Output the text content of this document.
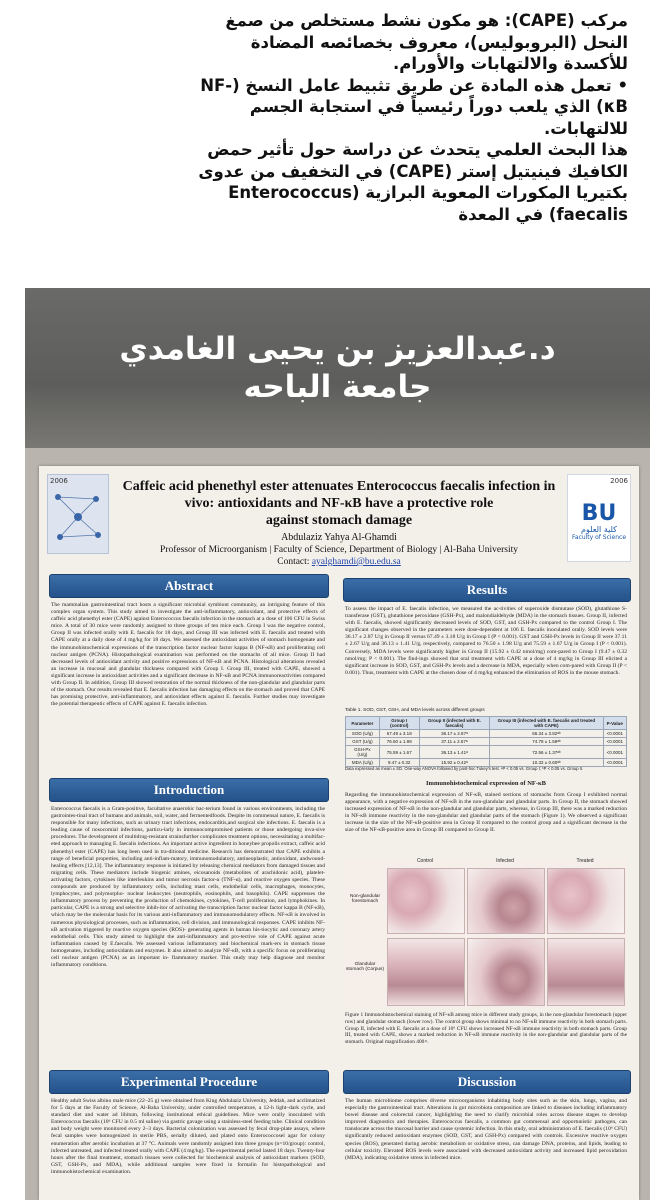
مركب (CAPE): هو مكون نشط مستخلص من صمغ

النحل (البروبوليس)، معروف بخصائصه المضادة

للأكسدة والالتهابات والأورام.

• تعمل هذه المادة عن طريق تثبيط عامل النسخ (-NF

κB) الذي يلعب دوراً رئيسياً في استجابة الجسم

للالتهابات.

هذا البحث العلمي يتحدث عن دراسة حول تأثير حمض

الكافيك فينيتيل إستر (CAPE) في التخفيف من عدوى

بكتيريا المكورات المعوية البرازية (Enterococcus

faecalis) في المعدة

د.عبدالعزيز بن يحيى الغامدي
جامعة الباحه
2006	Caffeic acid phenethyl ester attenuates Enterococcus faecalis infection in
vivo: antioxidants and NF-κB have a protective role
against stomach damage
Abdulaziz Yahya Al-Ghamdi
Professor of Microorganism | Faculty of Science, Department of Biology | Al-Baha University
Contact: ayalghamdi@bu.edu.sa
2006
BU
كلية العلوم
Faculty of Science
Abstract
The mammalian gastrointestinal tract hosts a significant microbial symbiont community, an intriguing feature of this complex organ system. This study aimed to investigate the anti-inflammatory, antioxidant, and protective effects of caffeic acid phenethyl ester (CAPE) against Enterococcus faecalis infection in the stomach at a dose of 106 CFU in Swiss mice. A total of 30 mice were randomly assigned to three groups of ten mice each. Group I was the negative control, Group II was infected orally with E. faecalis for 18 days, and Group III was infected with E. faecalis and treated with CAPE orally at a daily dose of 4 mg/kg for 18 days. We assessed the antioxidant activities of stomach homogenate and the immunohistochemical expressions of the transcription factor nuclear factor kappa B (NF-κB) and proliferating cell nuclear antigen (PCNA). Histopathological examination was performed on the stomachs of all mice. Group II had decreased levels of antioxidant activity and positive expressions of NF-κB and PCNA. Histological alterations revealed an increase in mucosal and glandular thickness compared with Group I. Group III, treated with CAPE, showed a significant increase in antioxidant activities and a significant decrease in NF-κB and PCNA immunoreactivities compared with Group II. In addition, Group III showed restoration of the normal thickness of the non-glandular and glandular parts of the stomach. Our results revealed that E. faecalis infection has damaging effects on the stomach and proved that CAPE has promising protective, anti-inflammatory, and antioxidant effects against E. faecalis. Further studies may investigate the potential therapeutic effects of CAPE against E. faecalis infection.
Introduction
Enterococcus faecalis is a Gram-positive, facultative anaerobic bac-terium found in various environments, including the gastrointes-tinal tract of humans and animals, soil, water, and fermentedfoods. Despite its commensal nature, E. faecalis is responsible for many infections, such as urinary tract infections, endocarditis,and surgical site infections. E. faecalis is a leading cause of nosocomial infections, particu-larly in immunocompromised patients or those undergoing inva-sive procedures. The development of multidrug-resistant strainsfurther complicates treatment options, necessitating a multifac-eted approach to managing E. faecalis infections. An important active ingredient in honeybee propolis extract, caffeic acid phenethyl ester (CAPE) has long been used in tra-ditional medicine. Research has demonstrated that CAPE exhibits a range of beneficial properties, including anti-inflam-matory, immunomodulatory, antineoplastic, antioxidant, andwound-healing effects [12,13]. The inflammatory response is initiated by releasing chemical mediators from damaged tissues and migrating cells. These mediators include biogenic amines, eicosanoids (metabolites of arachidonic acid), platelet-activating factors, cytokines like interleukins and tumor necrosis factor-α (TNF-α), and reactive oxygen species. These compounds are produced by inflammatory cells, including mast cells, endothelial cells, macrophages, monocytes, lymphocytes, and polymorpho- nuclear leukocytes (neutrophils, eosinophils, and basophils). CAPE suppresses the inflammatory process by preventing the production of chemokines, cytokines, T-cell proliferation, and lymphokines. In particular, CAPE is a strong and selective inhib-itor of activating the transcription factor nuclear factor kappa B (NF-κB), which may be the molecular basis for its various anti-inflammatory and immunomodulatory effects. NF-κB is involved in numerous physiological processes, such as inflammation, cell division, and immunological responses. CAPE inhibits NF-κB activation triggered by reactive oxygen species (ROS)- generating agents in human his-tiocytic and coronary artery endothelial cells. This study aimed to highlight the anti-inflammatory and pro-tective role of CAPE against acute inflammation caused by E.faecalis. We assessed various inflammatory and biochemical mark-ers in stomach tissue homogenates, including antioxidants and enzymes. It also aimed to analyze NF-κB, with a specific focus on proliferating cell nuclear antigen (PCNA) as an important in- flammatory marker. This study may help diagnose and monitor inflammatory conditions.
Experimental Procedure
Healthy adult Swiss albino male mice (22–25 g) were obtained from King Abdulaziz University, Jeddah, and acclimatized for 5 days at the Faculty of Science, Al-Baha University, under controlled temperature, a 12-h light–dark cycle, and standard diet and water ad libitum, following institutional ethical guidelines. Mice were orally inoculated with Enterococcus faecalis (10⁶ CFU in 0.5 ml saline) via gastric gavage using a stainless-steel feeding tube. Clinical condition and body weight were monitored every 2–3 days. Bacterial colonization was assessed by fecal drop-plate assays, where fecal samples were homogenized in sterile PBS, serially diluted, and plated onto Enterococcosel agar for colony enumeration after aerobic incubation at 37 °C. Animals were randomly assigned into three groups (n=10/group): control, infected untreated, and infected treated orally with CAPE (4 mg/kg). The experimental period lasted 18 days. Twenty-four hours after the final treatment, stomach tissues were collected for biochemical analysis of antioxidant markers (SOD, GST, GSH-Px, and MDA), while additional samples were fixed in formalin for histopathological and immunohistochemical examination.
Results
To assess the impact of E. faecalis infection, we measured the ac-tivities of superoxide dismutase (SOD), glutathione S-transferase (GST), glutathione peroxidase (GSH-Px), and malondialdehyde (MDA) in the stomach tissues. Group II, infected with E. faecalis, showed significantly decreased levels of SOD, GST, and GSH-Px compared to the control Group I. The significant changes observed in the parameters were dose-dependent at 106 E. faecalis inoculated orally. SOD levels were 36.17 ± 2.87 U/g in Group II versus 67.49 ± 3.18 U/g in Group I (P < 0.001). GST and GSH-Px levels in Group II were 37.11 ± 2.67 U/g and 36.13 ± 1.41 U/g, respectively, compared to 76.50 ± 1.98 U/g and 75.59 ± 1.67 U/g in Group I (P < 0.001). Conversely, MDA levels were significantly higher in Group II (15.92 ± 0.42 nmol/mg) com-pared to Group I (9.47 ± 0.32 nmol/mg; P < 0.001). The find-ings showed that oral treatment with CAPE at a dose of 4 mg/kg in Group III elicited a significant increase in SOD, GST, and GSH-Px levels and a decrease in MDA, especially when com-pared with Group II (P < 0.001). Thus, treatment with CAPE at the chosen dose of 4 mg/kg enhanced the elimination of ROS in the mouse stomach.
Table 1. SOD, GST, GSH, and MDA levels across different groups
Parameter	Group I (control)	Group II (infected with E. faecalis)	Group III (infected with E. faecalis and treated with CAPE)	P-Value
SOD (U/g)	67.49 ± 3.18	36.17 ± 2.87ᵃ	66.34 ± 3.82ᵃᵇ	<0.0001
GST (U/g)	76.50 ± 1.98	37.11 ± 2.67ᵃ	74.78 ± 1.59ᵃᵇ	<0.0001
GSH-Px (U/g)	75.59 ± 1.67	36.13 ± 1.41ᵃ	72.56 ± 1.37ᵃᵇ	<0.0001
MDA (U/g)	9.47 ± 0.32	15.92 ± 0.42ᵃ	10.32 ± 0.60ᵃᵇ	<0.0001
Data expressed as mean ± SD. One-way ANOVA followed by post-hoc Tukey's test. ᵃP < 0.05 vs. Group I; ᵇP < 0.05 vs. Group II.
Immunohistochemical expression of NF-κB
Regarding the immunohistochemical expression of NF-κB, stained sections of stomachs from Group I exhibited normal appearance, with a negative expression of NF-κB in the non-glandular and glandular parts. In Group II, the stomach showed increased expression of NF-κB in the non-glandular and glandular parts, whereas, in Group III, there was a marked reduction in NF-κB immune reactivity in the non-glandular and glandular parts of the stomach (Figure 1). We observed a significant increase in the size of the NF-κB-positive area in Group II compared to the control group and a significant decrease in the size of the NF-κB-positive area in Group III compared to Group II.
Control	Infected	Treated
Non-glandular forestomach
Glandular stomach (Corpus)
Figure 1 Immunohistochemical staining of NF-κB among mice in different study groups, in the non-glandular forestomach (upper row) and glandular stomach (lower row). The control group shows minimal to no NF-κB immune reactivity in both stomach parts. Group II, infected with E. faecalis at a dose of 10⁶ CFU shows increased NF-κB immune reactivity in both stomach parts. Group III, treated with CAPE, shows a marked reduction in NF-κB immune reactivity in the non-glandular and glandular parts of the stomach. Original magnification 400×.
Discussion
The human microbiome comprises diverse microorganisms inhabiting body sites such as the skin, lungs, vagina, and especially the gastrointestinal tract. Alterations in gut microbiota composition are linked to diseases including inflammatory bowel disease and colorectal cancer, highlighting the need to clarify microbial roles across disease stages to develop improved diagnostics and therapies. Enterococcus faecalis, a common gut commensal and opportunistic pathogen, can translocate across the mucosal barrier and cause systemic infection. In this study, oral administration of E. faecalis (10⁶ CFU) significantly reduced antioxidant enzymes (SOD, GST, and GSH-Px) compared with controls. Excessive reactive oxygen species (ROS), generated during aerobic metabolism or oxidative stress, can damage DNA, proteins, and lipids, leading to cellular toxicity. Elevated ROS levels were associated with decreased antioxidant activity and increased lipid peroxidation (MDA), indicating oxidative stress in infected mice.
